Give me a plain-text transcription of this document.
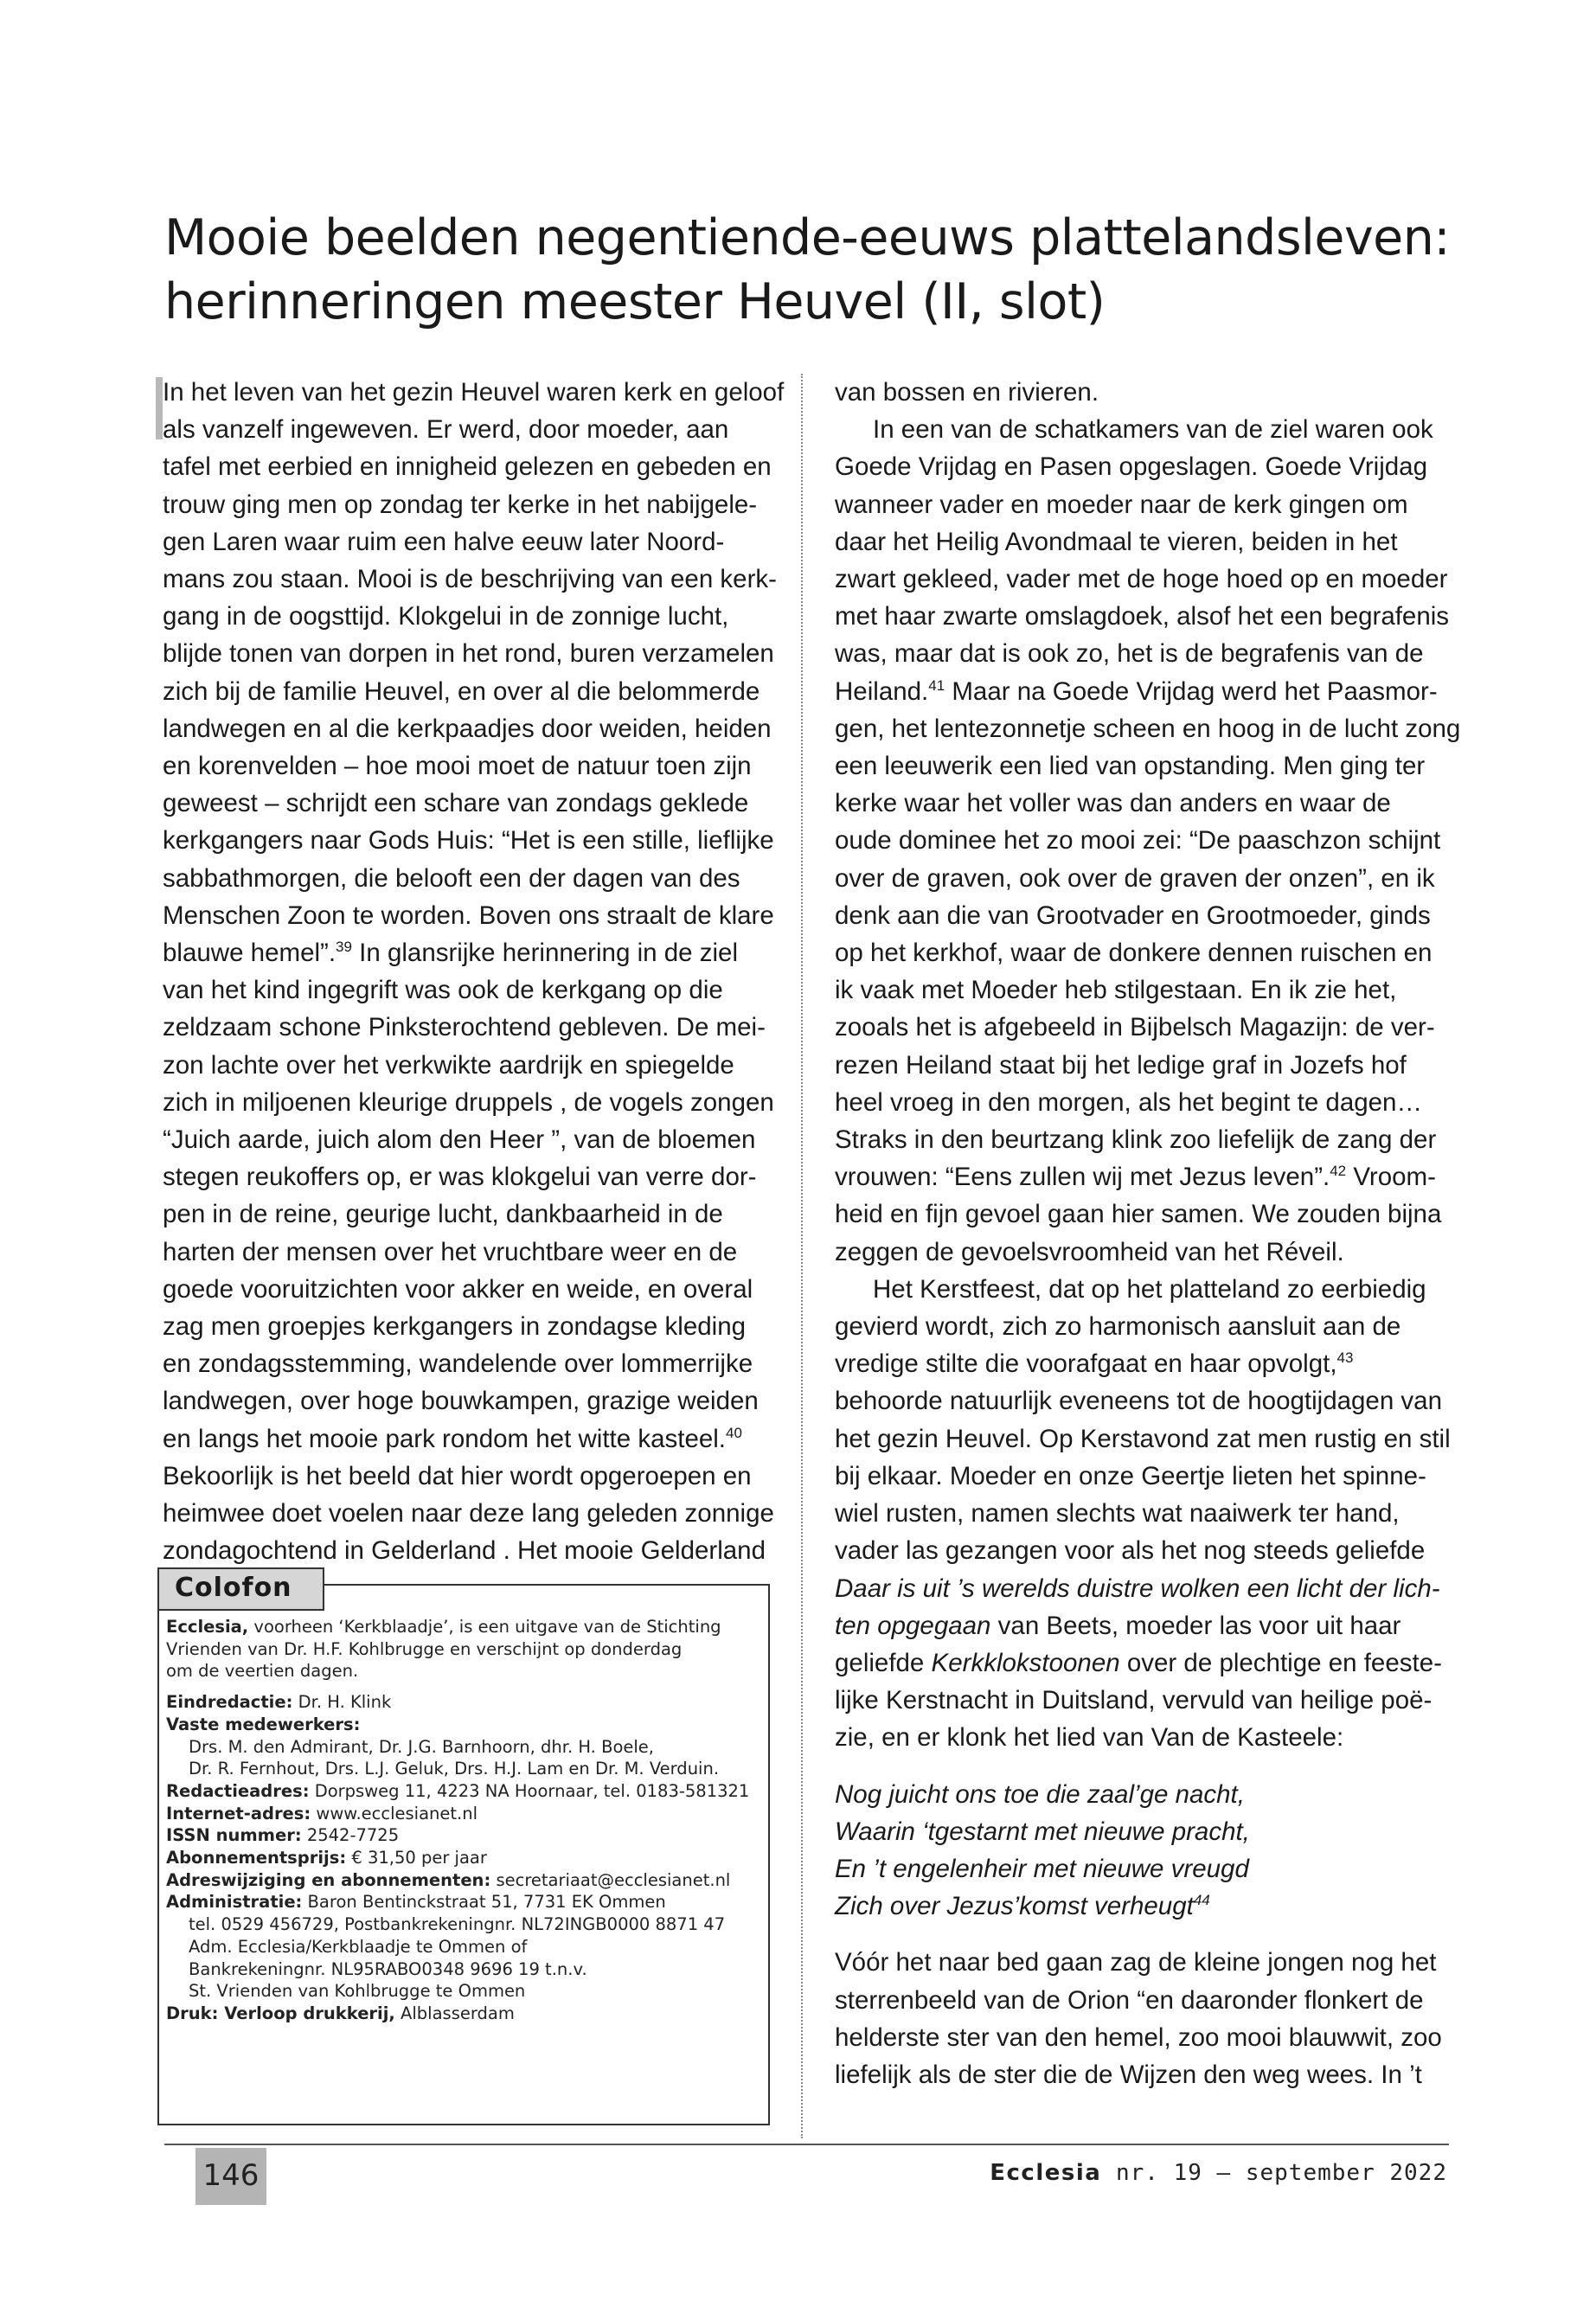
Mooie beelden negentiende-eeuws plattelandsleven:
herinneringen meester Heuvel (II, slot)
In het leven van het gezin Heuvel waren kerk en geloof
als vanzelf ingeweven. Er werd, door moeder, aan
tafel met eerbied en innigheid gelezen en gebeden en
trouw ging men op zondag ter kerke in het nabijgele-
gen Laren waar ruim een halve eeuw later Noord-
mans zou staan. Mooi is de beschrijving van een kerk-
gang in de oogsttijd. Klokgelui in de zonnige lucht,
blijde tonen van dorpen in het rond, buren verzamelen
zich bij de familie Heuvel, en over al die belommerde
landwegen en al die kerkpaadjes door weiden, heiden
en korenvelden – hoe mooi moet de natuur toen zijn
geweest – schrijdt een schare van zondags geklede
kerkgangers naar Gods Huis: “Het is een stille, lieflijke
sabbathmorgen, die belooft een der dagen van des
Menschen Zoon te worden. Boven ons straalt de klare
blauwe hemel”.$^{39}$ In glansrijke herinnering in de ziel
van het kind ingegrift was ook de kerkgang op die
zeldzaam schone Pinksterochtend gebleven. De mei-
zon lachte over het verkwikte aardrijk en spiegelde
zich in miljoenen kleurige druppels , de vogels zongen
“Juich aarde, juich alom den Heer ”, van de bloemen
stegen reukoffers op, er was klokgelui van verre dor-
pen in de reine, geurige lucht, dankbaarheid in de
harten der mensen over het vruchtbare weer en de
goede vooruitzichten voor akker en weide, en overal
zag men groepjes kerkgangers in zondagse kleding
en zondagsstemming, wandelende over lommerrijke
landwegen, over hoge bouwkampen, grazige weiden
en langs het mooie park rondom het witte kasteel.$^{40}$
Bekoorlijk is het beeld dat hier wordt opgeroepen en
heimwee doet voelen naar deze lang geleden zonnige
zondagochtend in Gelderland . Het mooie Gelderland
van bossen en rivieren.
In een van de schatkamers van de ziel waren ook
Goede Vrijdag en Pasen opgeslagen. Goede Vrijdag
wanneer vader en moeder naar de kerk gingen om
daar het Heilig Avondmaal te vieren, beiden in het
zwart gekleed, vader met de hoge hoed op en moeder
met haar zwarte omslagdoek, alsof het een begrafenis
was, maar dat is ook zo, het is de begrafenis van de
Heiland.$^{41}$ Maar na Goede Vrijdag werd het Paasmor-
gen, het lentezonnetje scheen en hoog in de lucht zong
een leeuwerik een lied van opstanding. Men ging ter
kerke waar het voller was dan anders en waar de
oude dominee het zo mooi zei: “De paaschzon schijnt
over de graven, ook over de graven der onzen”, en ik
denk aan die van Grootvader en Grootmoeder, ginds
op het kerkhof, waar de donkere dennen ruischen en
ik vaak met Moeder heb stilgestaan. En ik zie het,
zooals het is afgebeeld in Bijbelsch Magazijn: de ver-
rezen Heiland staat bij het ledige graf in Jozefs hof
heel vroeg in den morgen, als het begint te dagen…
Straks in den beurtzang klink zoo liefelijk de zang der
vrouwen: “Eens zullen wij met Jezus leven”.$^{42}$ Vroom-
heid en fijn gevoel gaan hier samen. We zouden bijna
zeggen de gevoelsvroomheid van het Réveil.
Het Kerstfeest, dat op het platteland zo eerbiedig
gevierd wordt, zich zo harmonisch aansluit aan de
vredige stilte die voorafgaat en haar opvolgt,$^{43}$
behoorde natuurlijk eveneens tot de hoogtijdagen van
het gezin Heuvel. Op Kerstavond zat men rustig en stil
bij elkaar. Moeder en onze Geertje lieten het spinne-
wiel rusten, namen slechts wat naaiwerk ter hand,
vader las gezangen voor als het nog steeds geliefde
Daar is uit ’s werelds duistre wolken een licht der lich-
ten opgegaan van Beets, moeder las voor uit haar
geliefde Kerkklokstoonen over de plechtige en feeste-
lijke Kerstnacht in Duitsland, vervuld van heilige poë-
zie, en er klonk het lied van Van de Kasteele:
Nog juicht ons toe die zaal’ge nacht,
Waarin ‘tgestarnt met nieuwe pracht,
En ’t engelenheir met nieuwe vreugd
Zich over Jezus’komst verheugt$^{44}$
Vóór het naar bed gaan zag de kleine jongen nog het
sterrenbeeld van de Orion “en daaronder flonkert de
helderste ster van den hemel, zoo mooi blauwwit, zoo
liefelijk als de ster die de Wijzen den weg wees. In ’t
Colofon
Ecclesia, voorheen ‘Kerkblaadje’, is een uitgave van de Stichting
Vrienden van Dr. H.F. Kohlbrugge en verschijnt op donderdag
om de veertien dagen.
Eindredactie: Dr. H. Klink
Vaste medewerkers:
Drs. M. den Admirant, Dr. J.G. Barnhoorn, dhr. H. Boele,
Dr. R. Fernhout, Drs. L.J. Geluk, Drs. H.J. Lam en Dr. M. Verduin.
Redactieadres: Dorpsweg 11, 4223 NA Hoornaar, tel. 0183-581321
Internet-adres: www.ecclesianet.nl
ISSN nummer: 2542-7725
Abonnementsprijs: € 31,50 per jaar
Adreswijziging en abonnementen: secretariaat@ecclesianet.nl
Administratie: Baron Bentinckstraat 51, 7731 EK Ommen
tel. 0529 456729, Postbankrekeningnr. NL72INGB0000 8871 47
Adm. Ecclesia/Kerkblaadje te Ommen of
Bankrekeningnr. NL95RABO0348 9696 19 t.n.v.
St. Vrienden van Kohlbrugge te Ommen
Druk: Verloop drukkerij, Alblasserdam
146	Ecclesia nr. 19 — september 2022
